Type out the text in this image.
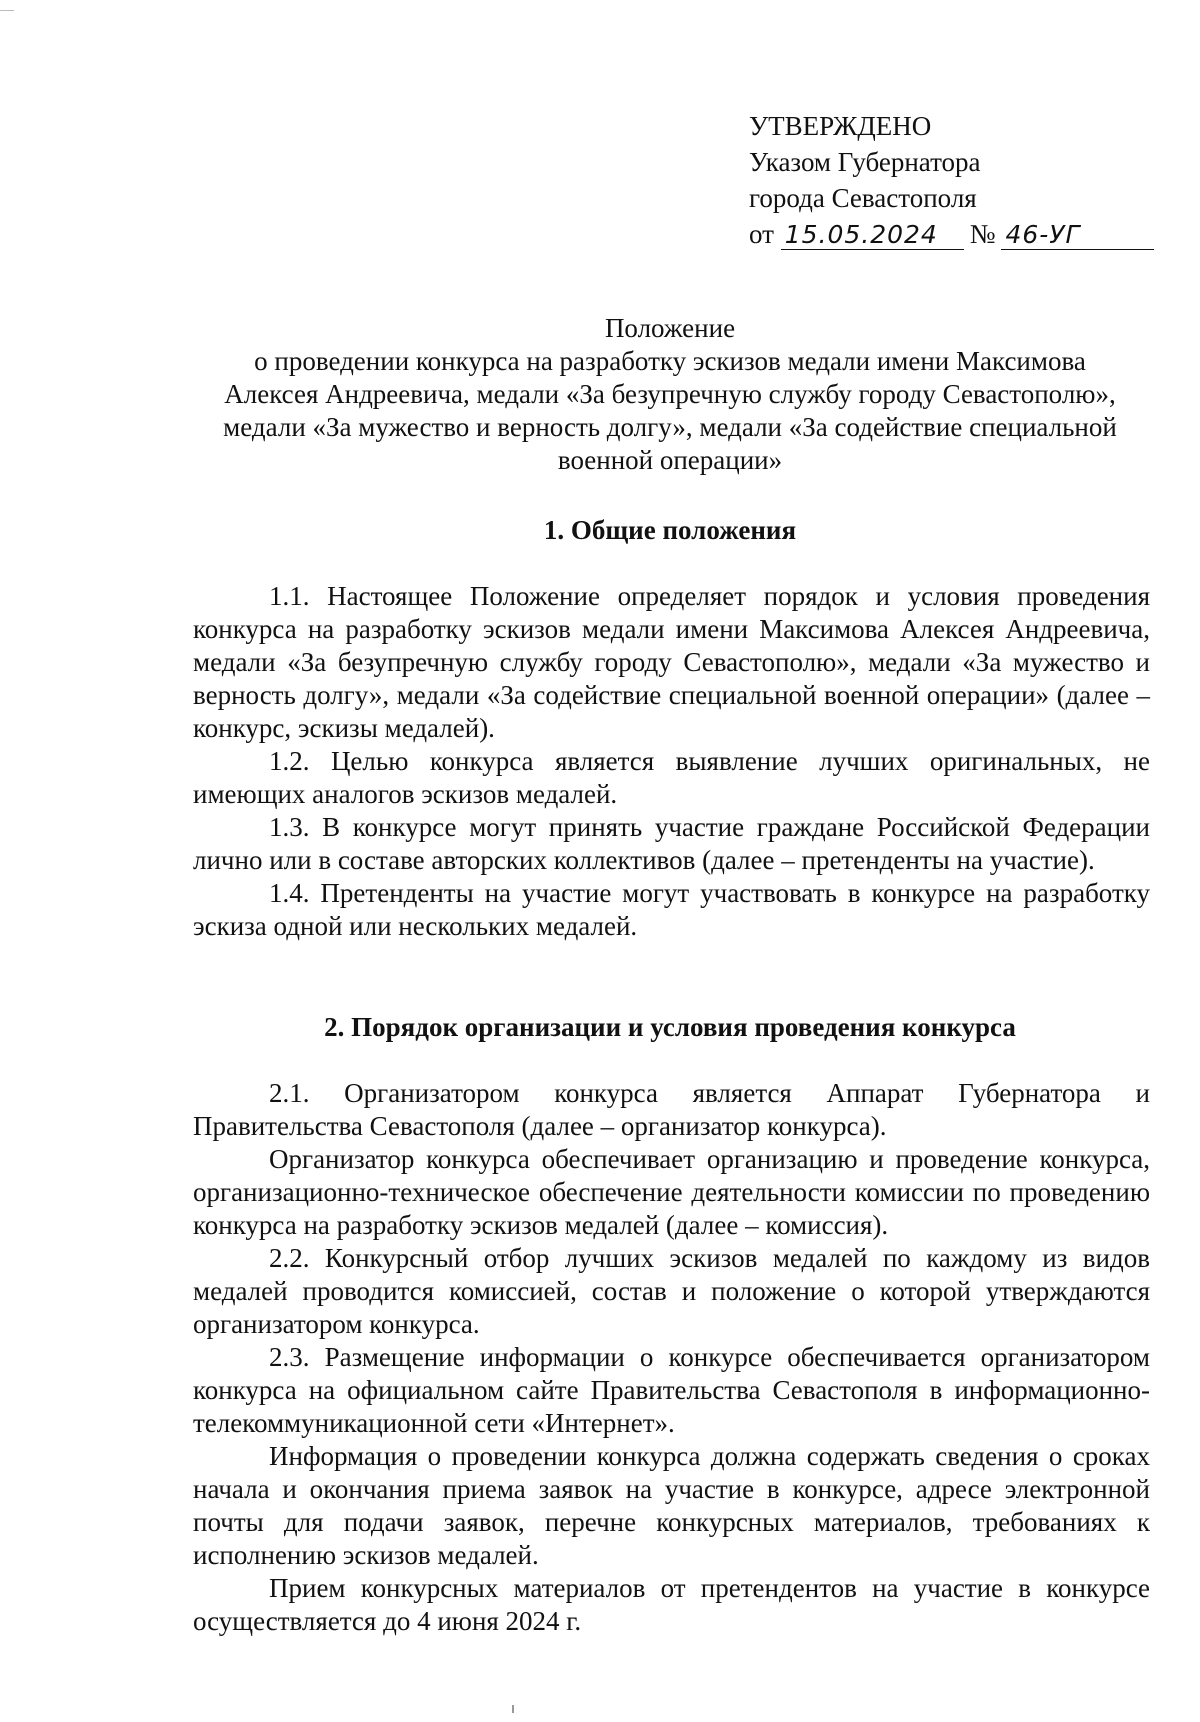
УТВЕРЖДЕНО
Указом Губернатора
города Севастополя
от 15.05.2024 № 46-УГ
Положение
о проведении конкурса на разработку эскизов медали имени Максимова
Алексея Андреевича, медали «За безупречную службу городу Севастополю»,
медали «За мужество и верность долгу», медали «За содействие специальной
военной операции»
1. Общие положения

1.1. Настоящее Положение определяет порядок и условия проведения конкурса на разработку эскизов медали имени Максимова Алексея Андреевича, медали «За безупречную службу городу Севастополю», медали «За мужество и верность долгу», медали «За содействие специальной военной операции» (далее – конкурс, эскизы медалей).

1.2. Целью конкурса является выявление лучших оригинальных, не имеющих аналогов эскизов медалей.

1.3. В конкурсе могут принять участие граждане Российской Федерации лично или в составе авторских коллективов (далее – претенденты на участие).

1.4. Претенденты на участие могут участвовать в конкурсе на разработку эскиза одной или нескольких медалей.

2. Порядок организации и условия проведения конкурса

2.1. Организатором конкурса является Аппарат Губернатора и Правительства Севастополя (далее – организатор конкурса).

Организатор конкурса обеспечивает организацию и проведение конкурса, организационно-техническое обеспечение деятельности комиссии по проведению конкурса на разработку эскизов медалей (далее – комиссия).

2.2. Конкурсный отбор лучших эскизов медалей по каждому из видов медалей проводится комиссией, состав и положение о которой утверждаются организатором конкурса.

2.3. Размещение информации о конкурсе обеспечивается организатором конкурса на официальном сайте Правительства Севастополя в информационно-телекоммуникационной сети «Интернет».

Информация о проведении конкурса должна содержать сведения о сроках начала и окончания приема заявок на участие в конкурсе, адресе электронной почты для подачи заявок, перечне конкурсных материалов, требованиях к исполнению эскизов медалей.

Прием конкурсных материалов от претендентов на участие в конкурсе осуществляется до 4 июня 2024 г.
